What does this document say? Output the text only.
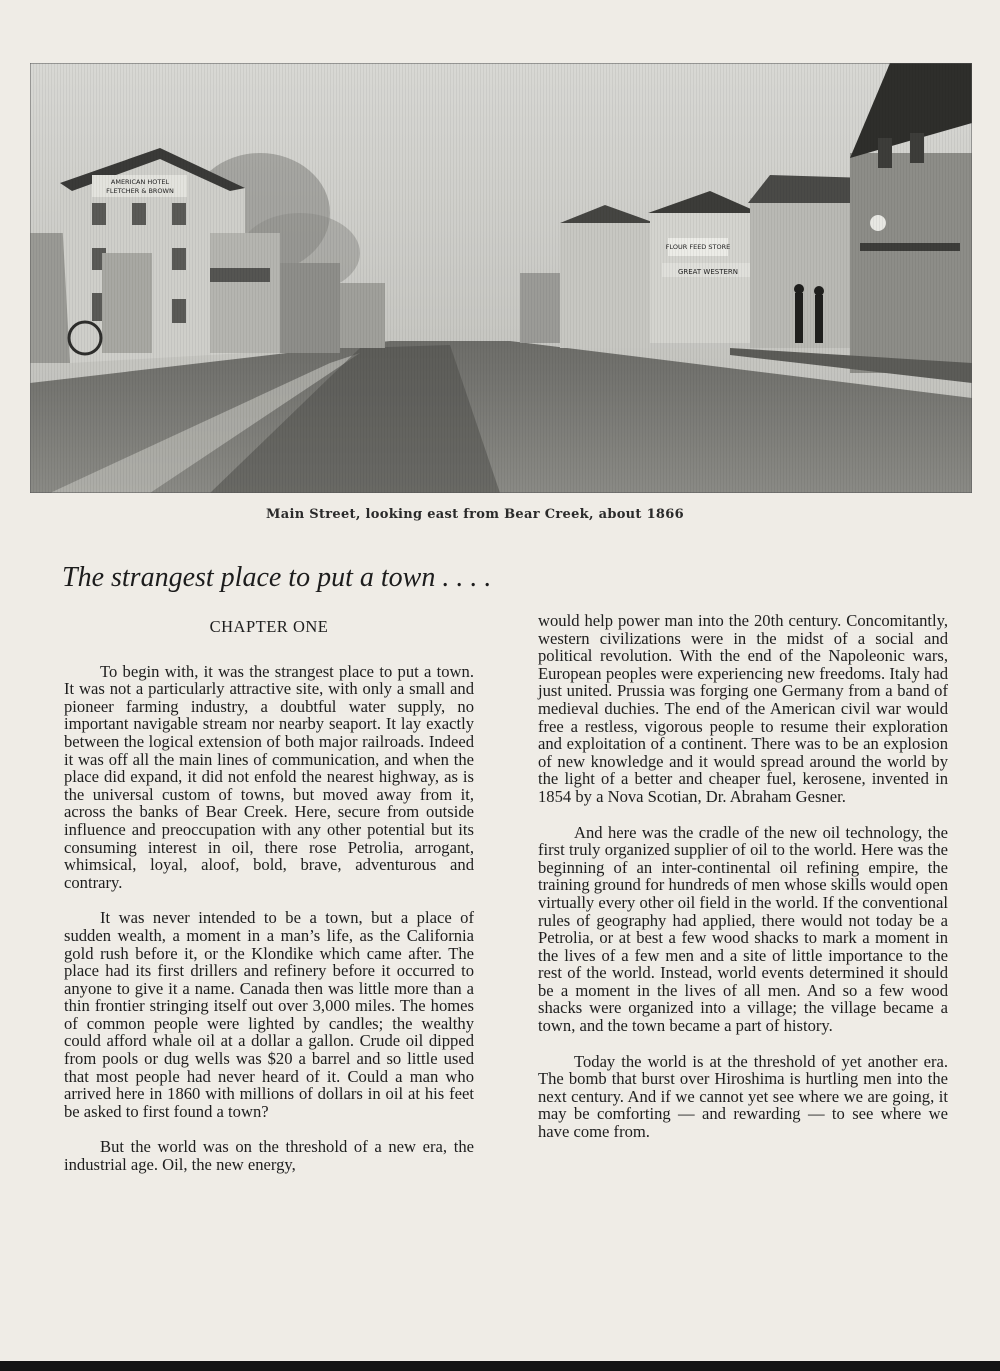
Main Street, looking east from Bear Creek, about 1866
The strangest place to put a town . . . .
CHAPTER ONE

To begin with, it was the strangest place to put a town. It was not a particularly attractive site, with only a small and pioneer farming industry, a doubtful water supply, no important navigable stream nor nearby seaport. It lay exactly between the logical extension of both major railroads. Indeed it was off all the main lines of communication, and when the place did expand, it did not enfold the nearest highway, as is the universal custom of towns, but moved away from it, across the banks of Bear Creek. Here, secure from outside influence and preoccupation with any other potential but its consuming interest in oil, there rose Petrolia, arrogant, whimsical, loyal, aloof, bold, brave, adventurous and contrary.

It was never intended to be a town, but a place of sudden wealth, a moment in a man’s life, as the California gold rush before it, or the Klondike which came after. The place had its first drillers and refinery before it occurred to anyone to give it a name. Canada then was little more than a thin frontier stringing itself out over 3,000 miles. The homes of common people were lighted by candles; the wealthy could afford whale oil at a dollar a gallon. Crude oil dipped from pools or dug wells was $20 a barrel and so little used that most people had never heard of it. Could a man who arrived here in 1860 with millions of dollars in oil at his feet be asked to first found a town?

But the world was on the threshold of a new era, the industrial age. Oil, the new energy,

would help power man into the 20th century. Concomitantly, western civilizations were in the midst of a social and political revolution. With the end of the Napoleonic wars, European peoples were experiencing new freedoms. Italy had just united. Prussia was forging one Germany from a band of medieval duchies. The end of the American civil war would free a restless, vigorous people to resume their exploration and exploitation of a continent. There was to be an explosion of new knowledge and it would spread around the world by the light of a better and cheaper fuel, kerosene, invented in 1854 by a Nova Scotian, Dr. Abraham Gesner.

And here was the cradle of the new oil technology, the first truly organized supplier of oil to the world. Here was the beginning of an inter-continental oil refining empire, the training ground for hundreds of men whose skills would open virtually every other oil field in the world. If the conventional rules of geography had applied, there would not today be a Petrolia, or at best a few wood shacks to mark a moment in the lives of a few men and a site of little importance to the rest of the world. Instead, world events determined it should be a moment in the lives of all men. And so a few wood shacks were organized into a village; the village became a town, and the town became a part of history.

Today the world is at the threshold of yet another era. The bomb that burst over Hiroshima is hurtling men into the next century. And if we cannot yet see where we are going, it may be comforting — and rewarding — to see where we have come from.
